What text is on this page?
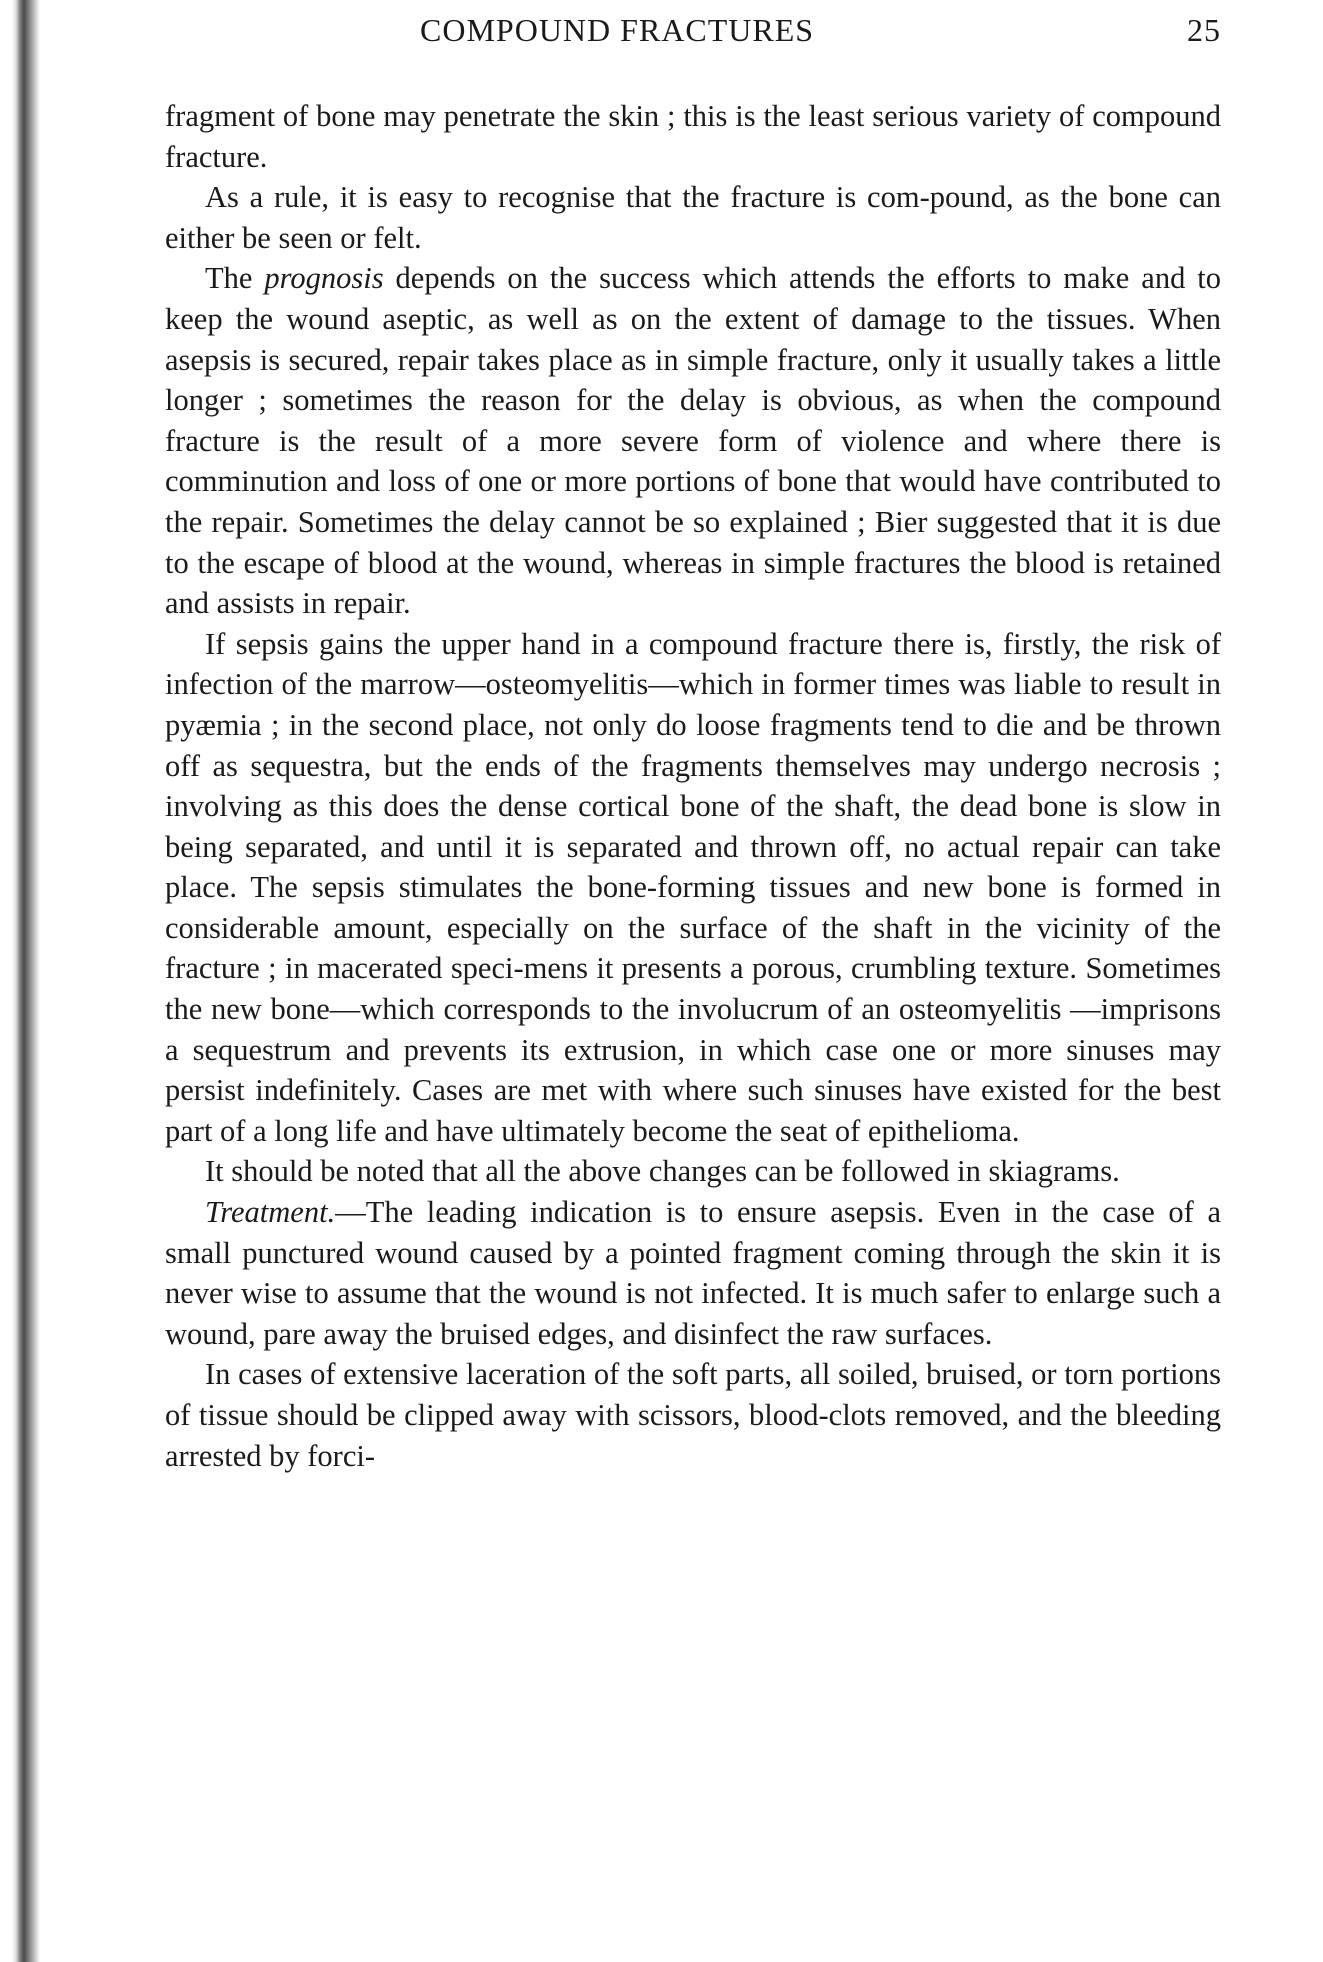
COMPOUND FRACTURES	25

fragment of bone may penetrate the skin ; this is the least serious variety of compound fracture.

As a rule, it is easy to recognise that the fracture is com-pound, as the bone can either be seen or felt.

The prognosis depends on the success which attends the efforts to make and to keep the wound aseptic, as well as on the extent of damage to the tissues. When asepsis is secured, repair takes place as in simple fracture, only it usually takes a little longer ; sometimes the reason for the delay is obvious, as when the compound fracture is the result of a more severe form of violence and where there is comminution and loss of one or more portions of bone that would have contributed to the repair. Sometimes the delay cannot be so explained ; Bier suggested that it is due to the escape of blood at the wound, whereas in simple fractures the blood is retained and assists in repair.

If sepsis gains the upper hand in a compound fracture there is, firstly, the risk of infection of the marrow—osteomyelitis—which in former times was liable to result in pyæmia ; in the second place, not only do loose fragments tend to die and be thrown off as sequestra, but the ends of the fragments themselves may undergo necrosis ; involving as this does the dense cortical bone of the shaft, the dead bone is slow in being separated, and until it is separated and thrown off, no actual repair can take place. The sepsis stimulates the bone-forming tissues and new bone is formed in considerable amount, especially on the surface of the shaft in the vicinity of the fracture ; in macerated speci-mens it presents a porous, crumbling texture. Sometimes the new bone—which corresponds to the involucrum of an osteomyelitis —imprisons a sequestrum and prevents its extrusion, in which case one or more sinuses may persist indefinitely. Cases are met with where such sinuses have existed for the best part of a long life and have ultimately become the seat of epithelioma.

It should be noted that all the above changes can be followed in skiagrams.

Treatment.—The leading indication is to ensure asepsis. Even in the case of a small punctured wound caused by a pointed fragment coming through the skin it is never wise to assume that the wound is not infected. It is much safer to enlarge such a wound, pare away the bruised edges, and disinfect the raw surfaces.

In cases of extensive laceration of the soft parts, all soiled, bruised, or torn portions of tissue should be clipped away with scissors, blood-clots removed, and the bleeding arrested by forci-
